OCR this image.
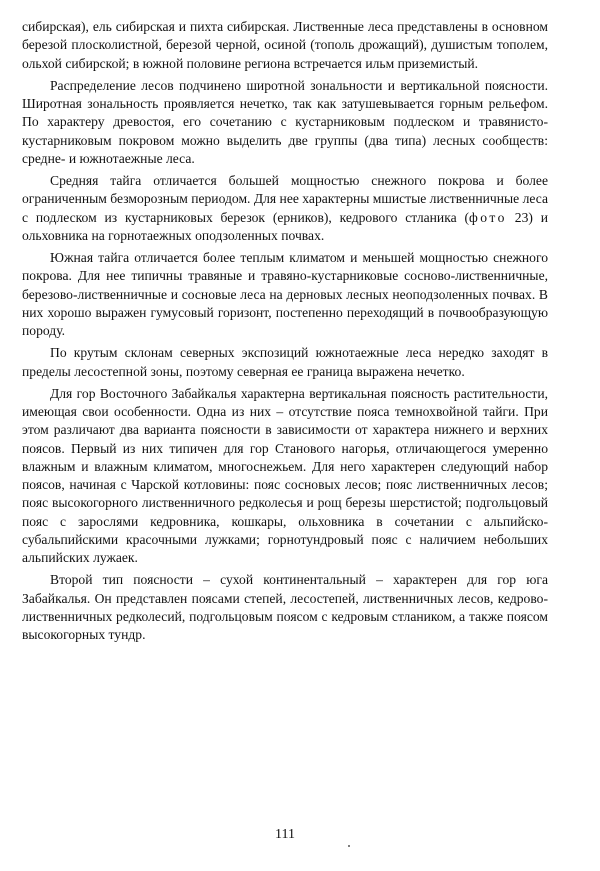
сибирская), ель сибирская и пихта сибирская. Лиственные леса представлены в основном березой плосколистной, березой черной, осиной (тополь дрожащий), душистым тополем, ольхой сибирской; в южной половине региона встречается ильм приземистый.

Распределение лесов подчинено широтной зональности и вертикальной поясности. Широтная зональность проявляется нечетко, так как затушевывается горным рельефом. По характеру древостоя, его сочетанию с кустарниковым подлеском и травянисто-кустарниковым покровом можно выделить две группы (два типа) лесных сообществ: средне- и южнотаежные леса.

Средняя тайга отличается большей мощностью снежного покрова и более ограниченным безморозным периодом. Для нее характерны мшистые лиственничные леса с подлеском из кустарниковых березок (ерников), кедрового стланика (фото 23) и ольховника на горнотаежных оподзоленных почвах.

Южная тайга отличается более теплым климатом и меньшей мощностью снежного покрова. Для нее типичны травяные и травяно-кустарниковые сосново-лиственничные, березово-лиственничные и сосновые леса на дерновых лесных неоподзоленных почвах. В них хорошо выражен гумусовый горизонт, постепенно переходящий в почвообразующую породу.

По крутым склонам северных экспозиций южнотаежные леса нередко заходят в пределы лесостепной зоны, поэтому северная ее граница выражена нечетко.

Для гор Восточного Забайкалья характерна вертикальная поясность растительности, имеющая свои особенности. Одна из них – отсутствие пояса темнохвойной тайги. При этом различают два варианта поясности в зависимости от характера нижнего и верхних поясов. Первый из них типичен для гор Станового нагорья, отличающегося умеренно влажным и влажным климатом, многоснежьем. Для него характерен следующий набор поясов, начиная с Чарской котловины: пояс сосновых лесов; пояс лиственничных лесов; пояс высокогорного лиственничного редколесья и рощ березы шерстистой; подгольцовый пояс с зарослями кедровника, кошкары, ольховника в сочетании с альпийско-субальпийскими красочными лужками; горнотундровый пояс с наличием небольших альпийских лужаек.

Второй тип поясности – сухой континентальный – характерен для гор юга Забайкалья. Он представлен поясами степей, лесостепей, лиственничных лесов, кедрово-лиственничных редколесий, подгольцовым поясом с кедровым стлаником, а также поясом высокогорных тундр.

111
